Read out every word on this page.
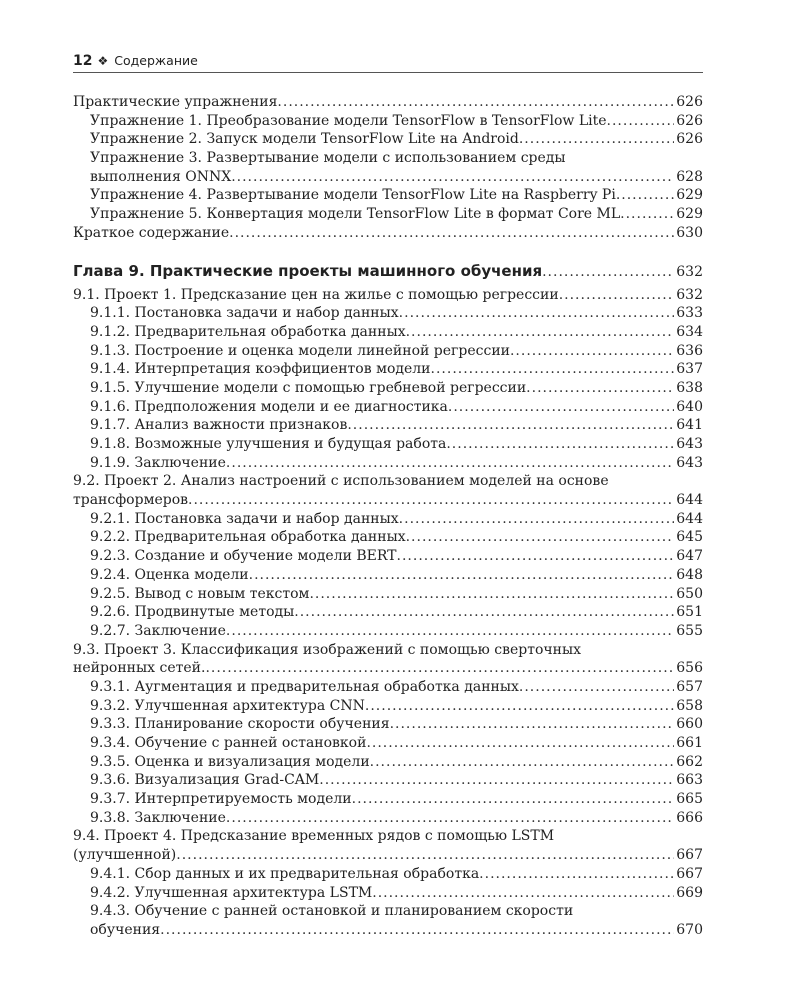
12 ❖ Содержание
Практические упражнения .....	626
Упражнение 1. Преобразование модели TensorFlow в TensorFlow Lite .....	626
Упражнение 2. Запуск модели TensorFlow Lite на Android .....	626
Упражнение 3. Развертывание модели с использованием среды
выполнения ONNX .....	628
Упражнение 4. Развертывание модели TensorFlow Lite на Raspberry Pi .....	629
Упражнение 5. Конвертация модели TensorFlow Lite в формат Core ML .....	629
Краткое содержание .....	630
Глава 9. Практические проекты машинного обучения .....	632
9.1. Проект 1. Предсказание цен на жилье с помощью регрессии .....	632
9.1.1. Постановка задачи и набор данных .....	633
9.1.2. Предварительная обработка данных .....	634
9.1.3. Построение и оценка модели линейной регрессии .....	636
9.1.4. Интерпретация коэффициентов модели .....	637
9.1.5. Улучшение модели с помощью гребневой регрессии .....	638
9.1.6. Предположения модели и ее диагностика .....	640
9.1.7. Анализ важности признаков .....	641
9.1.8. Возможные улучшения и будущая работа .....	643
9.1.9. Заключение .....	643
9.2. Проект 2. Анализ настроений с использованием моделей на основе
трансформеров .....	644
9.2.1. Постановка задачи и набор данных .....	644
9.2.2. Предварительная обработка данных .....	645
9.2.3. Создание и обучение модели BERT .....	647
9.2.4. Оценка модели .....	648
9.2.5. Вывод с новым текстом .....	650
9.2.6. Продвинутые методы .....	651
9.2.7. Заключение .....	655
9.3. Проект 3. Классификация изображений с помощью сверточных
нейронных сетей. .....	656
9.3.1. Аугментация и предварительная обработка данных .....	657
9.3.2. Улучшенная архитектура CNN .....	658
9.3.3. Планирование скорости обучения .....	660
9.3.4. Обучение с ранней остановкой .....	661
9.3.5. Оценка и визуализация модели .....	662
9.3.6. Визуализация Grad-CAM .....	663
9.3.7. Интерпретируемость модели .....	665
9.3.8. Заключение .....	666
9.4. Проект 4. Предсказание временных рядов с помощью LSTM
(улучшенной) .....	667
9.4.1. Сбор данных и их предварительная обработка .....	667
9.4.2. Улучшенная архитектура LSTM .....	669
9.4.3. Обучение с ранней остановкой и планированием скорости
обучения .....	670
